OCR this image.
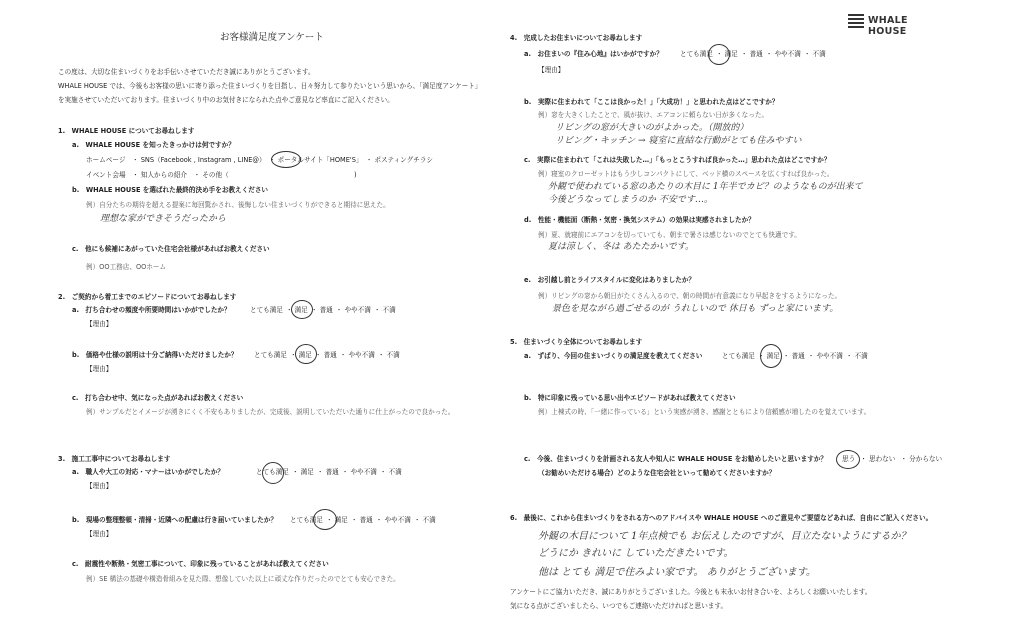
WHALE HOUSE
お客様満足度アンケート
この度は、大切な住まいづくりをお手伝いさせていただき誠にありがとうございます。
WHALE HOUSE では、今後もお客様の思いに寄り添った住まいづくりを目指し、日々努力して参りたいという思いから、「満足度アンケート」
を実施させていただいております。住まいづくり中のお気付きになられた点やご意見など率直にご記入ください。
1.　WHALE HOUSE についてお尋ねします
a.　WHALE HOUSE を知ったきっかけは何ですか？
ホームページ　・ SNS（Facebook , Instagram , LINE@）　・ ポータルサイト「HOME'S」　・ ポスティングチラシ
イベント会場　・ 知人からの紹介　・ その他（	)
b.　WHALE HOUSE を選ばれた最終的決め手をお教えください
例）自分たちの期待を超える提案に毎回驚かされ、後悔しない住まいづくりができると期待に思えた。
理想な家ができそうだったから
c.　他にも候補にあがっていた住宅会社様があればお教えください
例）OO工務店、OOホーム
2.　ご契約から着工までのエピソードについてお尋ねします
a.　打ち合わせの頻度や所要時間はいかがでしたか？	とても満足 ・ 満足 ・ 普通 ・ やや不満 ・ 不満
【理由】
b.　価格や仕様の説明は十分ご納得いただけましたか？	とても満足 ・ 満足 ・ 普通 ・ やや不満 ・ 不満
【理由】
c.　打ち合わせ中、気になった点があればお教えください
例）サンプルだとイメージが湧きにくく不安もありましたが、完成後、説明していただいた通りに仕上がったので良かった。
3.　施工工事中についてお尋ねします
a.　職人や大工の対応・マナーはいかがでしたか？	とても満足 ・ 満足 ・ 普通 ・ やや不満 ・ 不満
【理由】
b.　現場の整理整頓・清掃・近隣への配慮は行き届いていましたか？ とても満足 ・ 満足 ・ 普通 ・ やや不満 ・ 不満
【理由】
c.　耐震性や断熱・気密工事について、印象に残っていることがあれば教えてください
例）SE 構法の基礎や構造骨組みを見た際、想像していた以上に頑丈な作りだったのでとても安心できた。
4.　完成したお住まいについてお尋ねします
a.　お住まいの『住み心地』はいかがですか？	とても満足 ・ 満足 ・ 普通 ・ やや不満 ・ 不満
【理由】
b.　実際に住まわれて「ここは良かった！」「大成功！」と思われた点はどこですか？
例）窓を大きくしたことで、風が抜け、エアコンに頼らない日が多くなった。
リビングの窓が大きいのがよかった。（開放的）
リビング・キッチン → 寝室に直結な行動がとても住みやすい
c.　実際に住まわれて「これは失敗した…」「もっとこうすれば良かった…」思われた点はどこですか？
例）寝室のクローゼットはもう少しコンパクトにして、ベッド横のスペースを広くすれば良かった。
外観で使われている窓のあたりの木目に 1年半でカビ？のようなものが出来て
今後どうなってしまうのか 不安です…。
d.　性能・機能面（断熱・気密・換気システム）の効果は実感されましたか？
例）夏、就寝前にエアコンを切っていても、朝まで暑さは感じないのでとても快適です。
夏は涼しく、冬は あたたかいです。
e.　お引越し前とライフスタイルに変化はありましたか？
例）リビングの窓から朝日がたくさん入るので、朝の時間が有意義になり早起きをするようになった。
景色を見ながら過ごせるのが うれしいので 休日も ずっと家にいます。
5.　住まいづくり全体についてお尋ねします
a.　ずばり、今回の住まいづくりの満足度を教えてください	とても満足 ・ 満足 ・ 普通 ・ やや不満 ・ 不満
b.　特に印象に残っている思い出やエピソードがあれば教えてください
例）上棟式の時、「一緒に作っている」という実感が湧き、感謝とともにより信頼感が増したのを覚えています。
c.　今後、住まいづくりを計画される友人や知人に WHALE HOUSE をお勧めしたいと思いますか？ 思う ・ 思わない ・ 分からない
（お勧めいただける場合）どのような住宅会社といって勧めてくださいますか？
6.　最後に、これから住まいづくりをされる方へのアドバイスや WHALE HOUSE へのご意見やご要望などあれば、自由にご記入ください。
外観の木目について 1年点検でも お伝えしたのですが、目立たないようにするか？
どうにか きれいに していただきたいです。
他は とても 満足で住みよい家です。 ありがとうございます。
アンケートにご協力いただき、誠にありがとうございました。今後とも末永いお付き合いを、よろしくお願いいたします。
気になる点がございましたら、いつでもご連絡いただければと思います。
